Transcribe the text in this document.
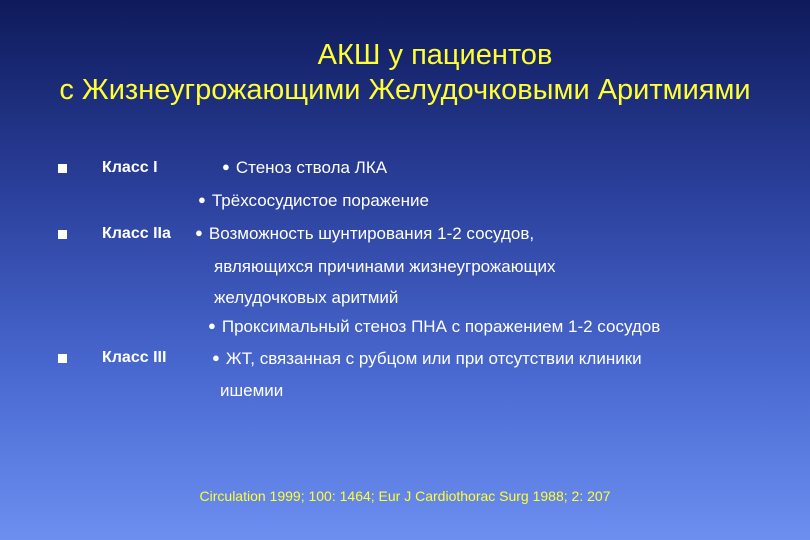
АКШ у пациентов
с Жизнеугрожающими Желудочковыми Аритмиями
Класс I	● Стеноз ствола ЛКА
● Трёхсосудистое поражение
Класс IIa ● Возможность шунтирования 1-2 сосудов,
являющихся причинами жизнеугрожающих
желудочковых аритмий
● Проксимальный стеноз ПНА с поражением 1-2 сосудов
Класс III	● ЖТ, связанная с рубцом или при отсутствии клиники
ишемии
Circulation 1999; 100: 1464; Eur J Cardiothorac Surg 1988; 2: 207
